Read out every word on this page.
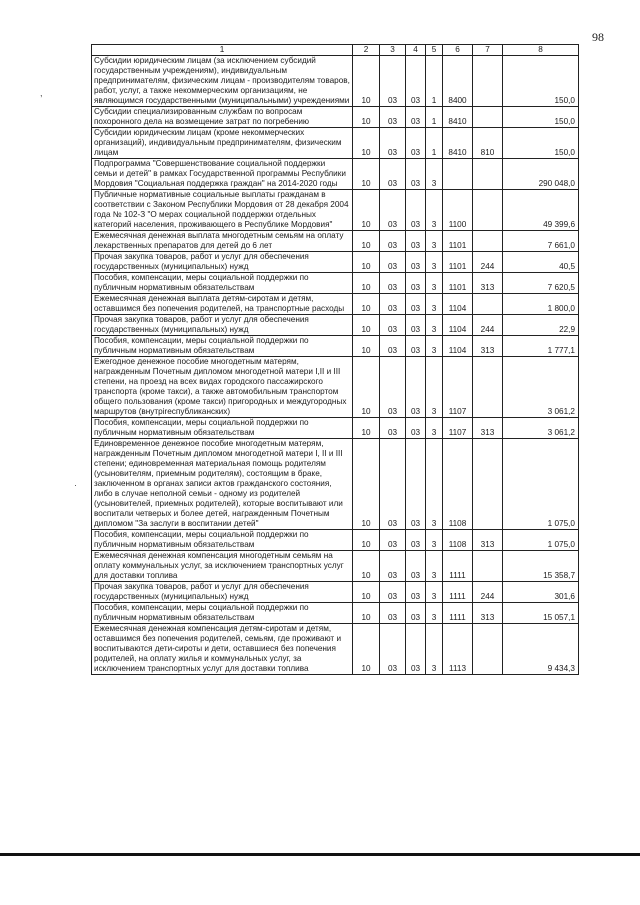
98
,
·
1	2	3	4	5	6	7	8
Субсидии юридическим лицам (за исключением субсидий государственным учреждениям), индивидуальным предпринимателям, физическим лицам - производителям товаров, работ, услуг, а также некоммерческим организациям, не являющимся государственными (муниципальными) учреждениями	10	03	03	1	8400		150,0
Субсидии специализированным службам по вопросам похоронного дела на возмещение затрат по погребению	10	03	03	1	8410		150,0
Субсидии юридическим лицам (кроме некоммерческих организаций), индивидуальным предпринимателям, физическим лицам	10	03	03	1	8410	810	150,0
Подпрограмма "Совершенствование социальной поддержки семьи и детей" в рамках Государственной программы Республики Мордовия "Социальная поддержка граждан" на 2014-2020 годы	10	03	03	3			290 048,0
Публичные нормативные социальные выплаты гражданам в соответствии с Законом Республики Мордовия от 28 декабря 2004 года № 102-З "О мерах социальной поддержки отдельных категорий населения, проживающего в Республике Мордовия"	10	03	03	3	1100		49 399,6
Ежемесячная денежная выплата многодетным семьям на оплату лекарственных препаратов для детей до 6 лет	10	03	03	3	1101		7 661,0
Прочая закупка товаров, работ и услуг для обеспечения государственных (муниципальных) нужд	10	03	03	3	1101	244	40,5
Пособия, компенсации, меры социальной поддержки по публичным нормативным обязательствам	10	03	03	3	1101	313	7 620,5
Ежемесячная денежная выплата детям-сиротам и детям, оставшимся без попечения родителей, на транспортные расходы	10	03	03	3	1104		1 800,0
Прочая закупка товаров, работ и услуг для обеспечения государственных (муниципальных) нужд	10	03	03	3	1104	244	22,9
Пособия, компенсации, меры социальной поддержки по публичным нормативным обязательствам	10	03	03	3	1104	313	1 777,1
Ежегодное денежное пособие многодетным матерям, награжденным Почетным дипломом многодетной матери I,II и III степени, на проезд на всех видах городского пассажирского транспорта (кроме такси), а также автомобильным транспортом общего пользования (кроме такси) пригородных и междугородных маршрутов (внутрireспубликанских)	10	03	03	3	1107		3 061,2
Пособия, компенсации, меры социальной поддержки по публичным нормативным обязательствам	10	03	03	3	1107	313	3 061,2
Единовременное денежное пособие многодетным матерям, награжденным Почетным дипломом многодетной матери I, II и III степени; единовременная материальная помощь родителям (усыновителям, приемным родителям), состоящим в браке, заключенном в органах записи актов гражданского состояния, либо в случае неполной семьи - одному из родителей (усыновителей, приемных родителей), которые воспитывают или воспитали четверых и более детей, награжденным Почетным дипломом "За заслуги в воспитании детей"	10	03	03	3	1108		1 075,0
Пособия, компенсации, меры социальной поддержки по публичным нормативным обязательствам	10	03	03	3	1108	313	1 075,0
Ежемесячная денежная компенсация многодетным семьям на оплату коммунальных услуг, за исключением транспортных услуг для доставки топлива	10	03	03	3	1111		15 358,7
Прочая закупка товаров, работ и услуг для обеспечения государственных (муниципальных) нужд	10	03	03	3	1111	244	301,6
Пособия, компенсации, меры социальной поддержки по публичным нормативным обязательствам	10	03	03	3	1111	313	15 057,1
Ежемесячная денежная компенсация детям-сиротам и детям, оставшимся без попечения родителей, семьям, где проживают и воспитываются дети-сироты и дети, оставшиеся без попечения родителей, на оплату жилья и коммунальных услуг, за исключением транспортных услуг для доставки топлива	10	03	03	3	1113		9 434,3
